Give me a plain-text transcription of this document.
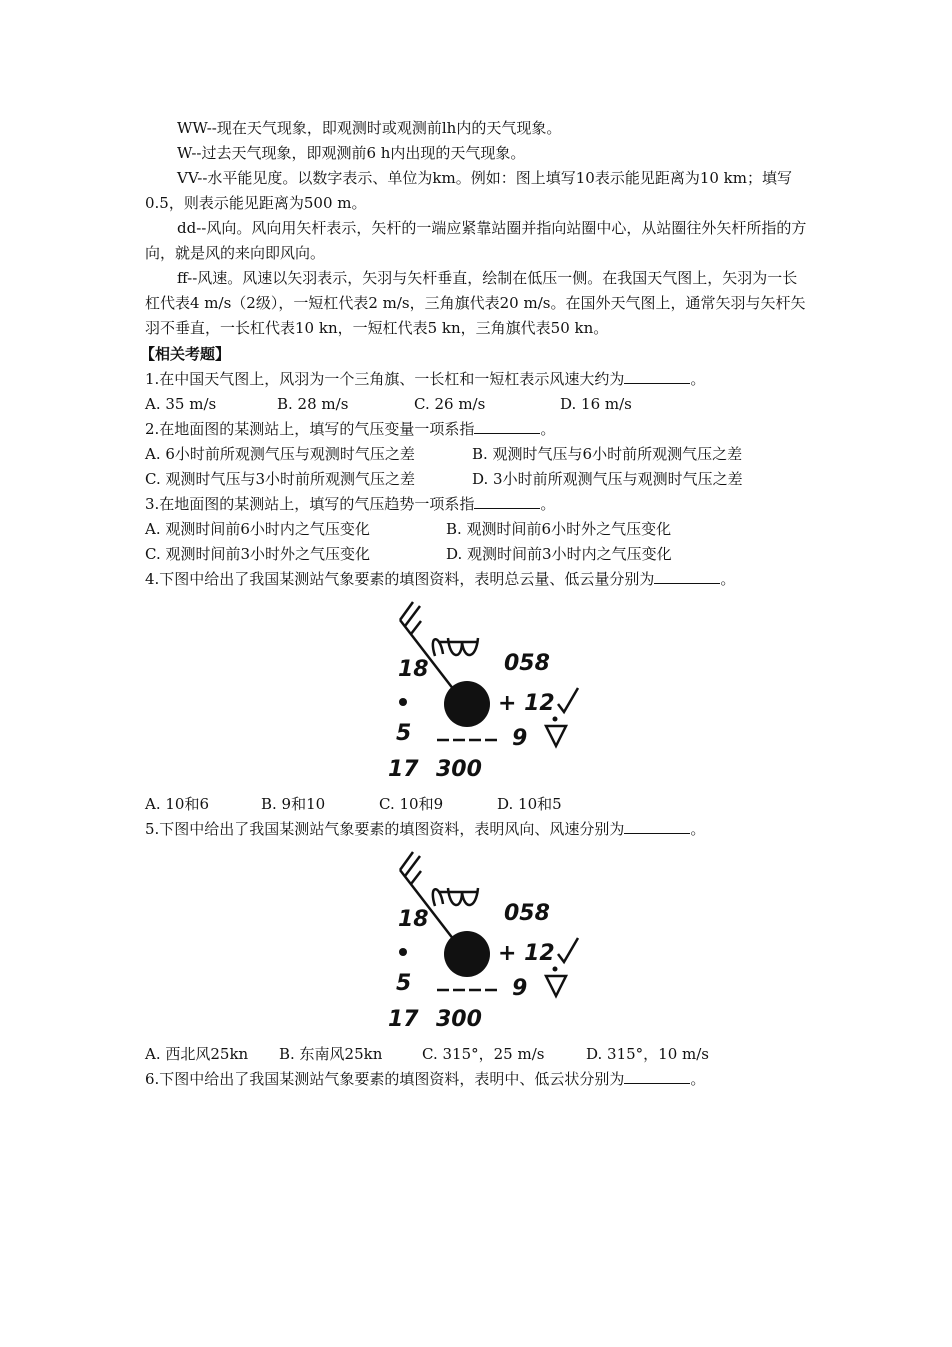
WW--现在天气现象，即观测时或观测前lh内的天气现象。

W--过去天气现象，即观测前6 h内出现的天气现象。

VV--水平能见度。以数字表示、单位为km。例如：图上填写10表示能见距离为10 km；填写0.5，则表示能见距离为500 m。

dd--风向。风向用矢杆表示，矢杆的一端应紧靠站圈并指向站圈中心，从站圈往外矢杆所指的方向，就是风的来向即风向。

ff--风速。风速以矢羽表示，矢羽与矢杆垂直，绘制在低压一侧。在我国天气图上，矢羽为一长杠代表4 m/s（2级），一短杠代表2 m/s，三角旗代表20 m/s。在国外天气图上，通常矢羽与矢杆矢羽不垂直，一长杠代表10 kn，一短杠代表5 kn，三角旗代表50 kn。

【相关考题】

1.在中国天气图上，风羽为一个三角旗、一长杠和一短杠表示风速大约为	。

A. 35 m/s	B. 28 m/s	C. 26 m/s	D. 16 m/s

2.在地面图的某测站上，填写的气压变量一项系指	。

A. 6小时前所观测气压与观测时气压之差	B. 观测时气压与6小时前所观测气压之差

C. 观测时气压与3小时前所观测气压之差	D. 3小时前所观测气压与观测时气压之差

3.在地面图的某测站上，填写的气压趋势一项系指	。

A. 观测时间前6小时内之气压变化	B. 观测时间前6小时外之气压变化

C. 观测时间前3小时外之气压变化	D. 观测时间前3小时内之气压变化

4.下图中给出了我国某测站气象要素的填图资料，表明总云量、低云量分别为	。

18	058
+ 12
5	9
17 300

A. 10和6	B. 9和10	C. 10和9	D. 10和5

5.下图中给出了我国某测站气象要素的填图资料，表明风向、风速分别为	。

18	058
+ 12
5	9
17 300

A. 西北风25kn B. 东南风25kn	C. 315°，25 m/s	D. 315°，10 m/s

6.下图中给出了我国某测站气象要素的填图资料，表明中、低云状分别为	。
